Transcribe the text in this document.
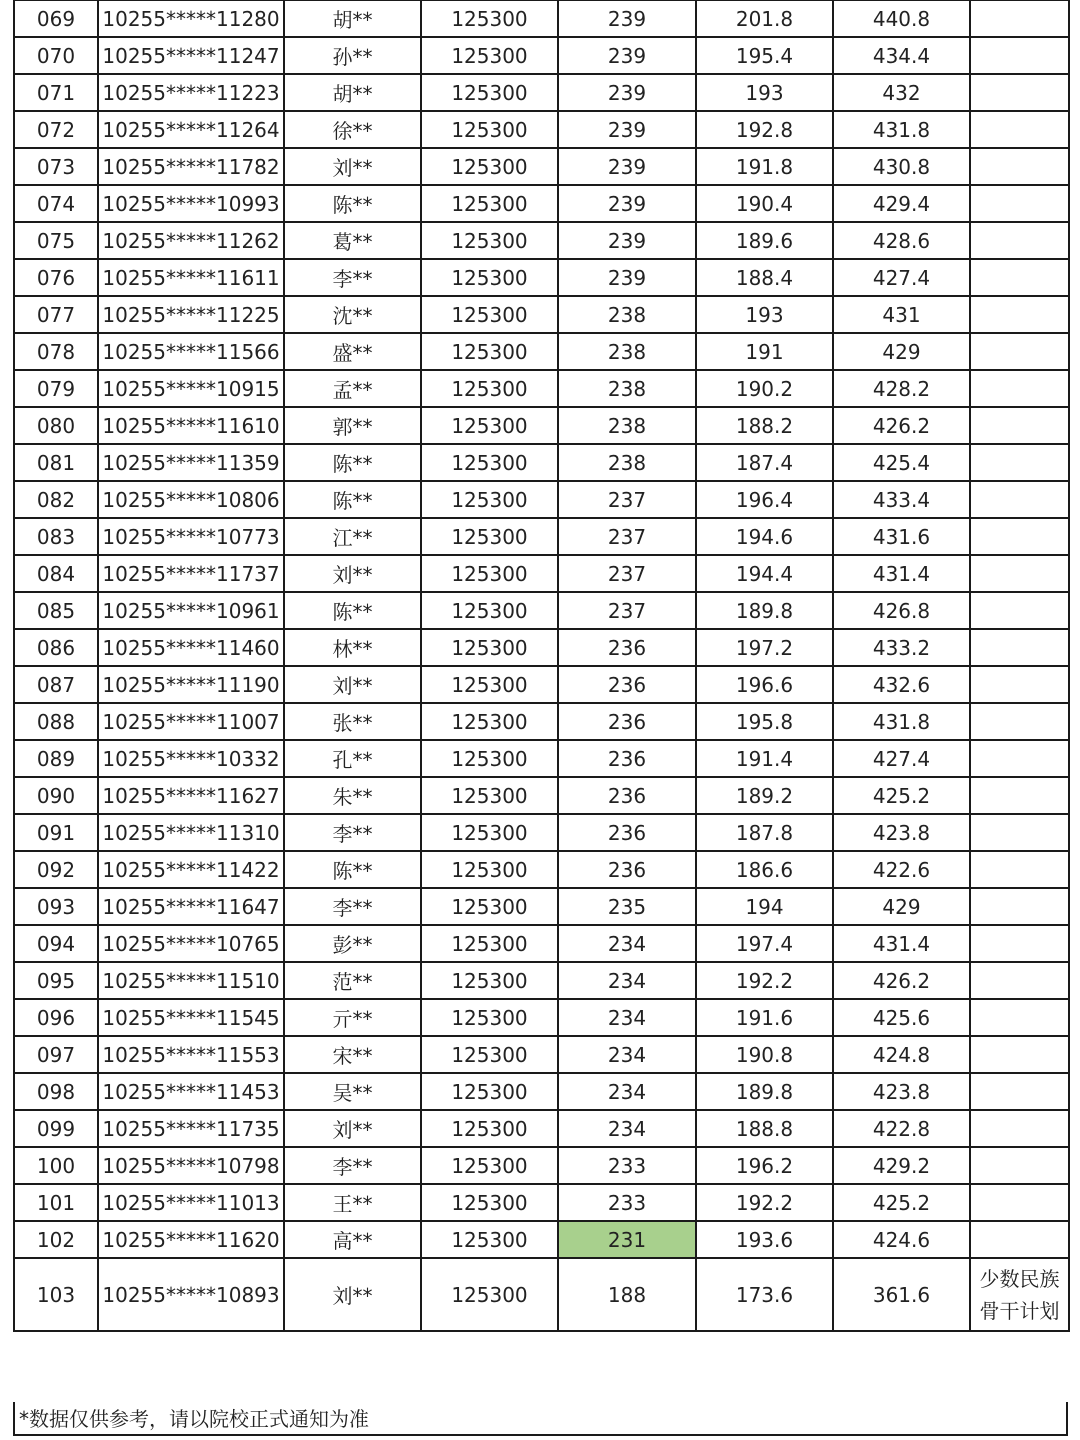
069	10255*****11280	胡**	125300	239	201.8	440.8	
070	10255*****11247	孙**	125300	239	195.4	434.4	
071	10255*****11223	胡**	125300	239	193	432	
072	10255*****11264	徐**	125300	239	192.8	431.8	
073	10255*****11782	刘**	125300	239	191.8	430.8	
074	10255*****10993	陈**	125300	239	190.4	429.4	
075	10255*****11262	葛**	125300	239	189.6	428.6	
076	10255*****11611	李**	125300	239	188.4	427.4	
077	10255*****11225	沈**	125300	238	193	431	
078	10255*****11566	盛**	125300	238	191	429	
079	10255*****10915	孟**	125300	238	190.2	428.2	
080	10255*****11610	郭**	125300	238	188.2	426.2	
081	10255*****11359	陈**	125300	238	187.4	425.4	
082	10255*****10806	陈**	125300	237	196.4	433.4	
083	10255*****10773	江**	125300	237	194.6	431.6	
084	10255*****11737	刘**	125300	237	194.4	431.4	
085	10255*****10961	陈**	125300	237	189.8	426.8	
086	10255*****11460	林**	125300	236	197.2	433.2	
087	10255*****11190	刘**	125300	236	196.6	432.6	
088	10255*****11007	张**	125300	236	195.8	431.8	
089	10255*****10332	孔**	125300	236	191.4	427.4	
090	10255*****11627	朱**	125300	236	189.2	425.2	
091	10255*****11310	李**	125300	236	187.8	423.8	
092	10255*****11422	陈**	125300	236	186.6	422.6	
093	10255*****11647	李**	125300	235	194	429	
094	10255*****10765	彭**	125300	234	197.4	431.4	
095	10255*****11510	范**	125300	234	192.2	426.2	
096	10255*****11545	亓**	125300	234	191.6	425.6	
097	10255*****11553	宋**	125300	234	190.8	424.8	
098	10255*****11453	吴**	125300	234	189.8	423.8	
099	10255*****11735	刘**	125300	234	188.8	422.8	
100	10255*****10798	李**	125300	233	196.2	429.2	
101	10255*****11013	王**	125300	233	192.2	425.2	
102	10255*****11620	高**	125300	231	193.6	424.6	
103	10255*****10893	刘**	125300	188	173.6	361.6	少数民族骨干计划
*数据仅供参考，请以院校正式通知为准
